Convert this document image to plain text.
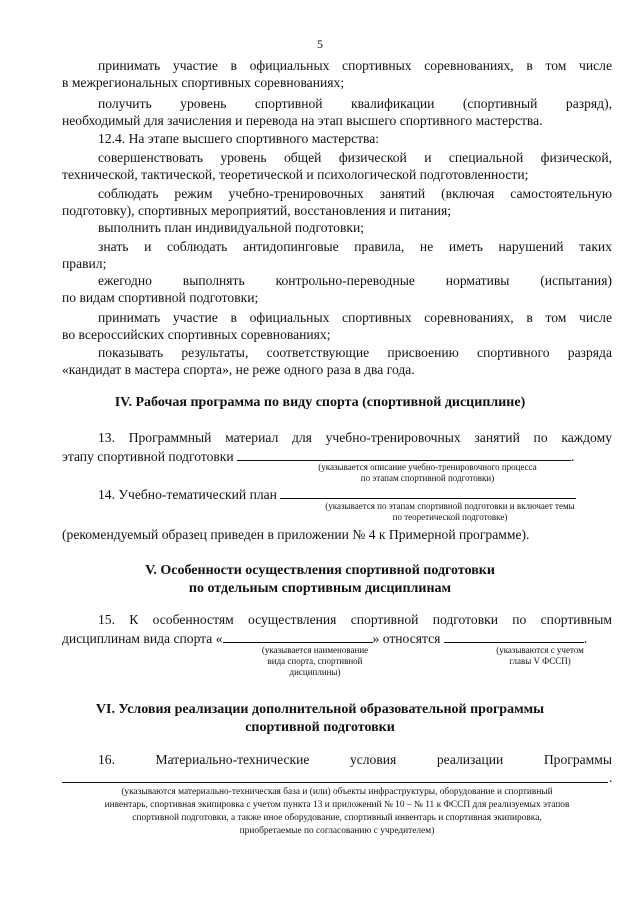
5
принимать участие в официальных спортивных соревнованиях, в том числе
в межрегиональных спортивных соревнованиях;
получить уровень спортивной квалификации (спортивный разряд),
необходимый для зачисления и перевода на этап высшего спортивного мастерства.
12.4. На этапе высшего спортивного мастерства:
совершенствовать уровень общей физической и специальной физической,
технической, тактической, теоретической и психологической подготовленности;
соблюдать режим учебно-тренировочных занятий (включая самостоятельную
подготовку), спортивных мероприятий, восстановления и питания;
выполнить план индивидуальной подготовки;
знать и соблюдать антидопинговые правила, не иметь нарушений таких
правил;
ежегодно выполнять контрольно-переводные нормативы (испытания)
по видам спортивной подготовки;
принимать участие в официальных спортивных соревнованиях, в том числе
во всероссийских спортивных соревнованиях;
показывать результаты, соответствующие присвоению спортивного разряда
«кандидат в мастера спорта», не реже одного раза в два года.
IV. Рабочая программа по виду спорта (спортивной дисциплине)
13. Программный материал для учебно-тренировочных занятий по каждому
этапу спортивной подготовки	.
(указывается описание учебно-тренировочного процесса
по этапам спортивной подготовки)
14. Учебно-тематический план
(указывается по этапам спортивной подготовки и включает темы
по теоретической подготовке)
(рекомендуемый образец приведен в приложении № 4 к Примерной программе).
V. Особенности осуществления спортивной подготовки
по отдельным спортивным дисциплинам
15. К особенностям осуществления спортивной подготовки по спортивным
дисциплинам вида спорта «	» относятся	.
(указывается наименование
вида спорта, спортивной
дисциплины)
(указываются с учетом
главы V ФССП)
VI. Условия реализации дополнительной образовательной программы
спортивной подготовки
16. Материально-технические условия реализации Программы
.
(указываются материально-техническая база и (или) объекты инфраструктуры, оборудование и спортивный
инвентарь, спортивная экипировка с учетом пункта 13 и приложений № 10 – № 11 к ФССП для реализуемых этапов
спортивной подготовки, а также иное оборудование, спортивный инвентарь и спортивная экипировка,
приобретаемые по согласованию с учредителем)
